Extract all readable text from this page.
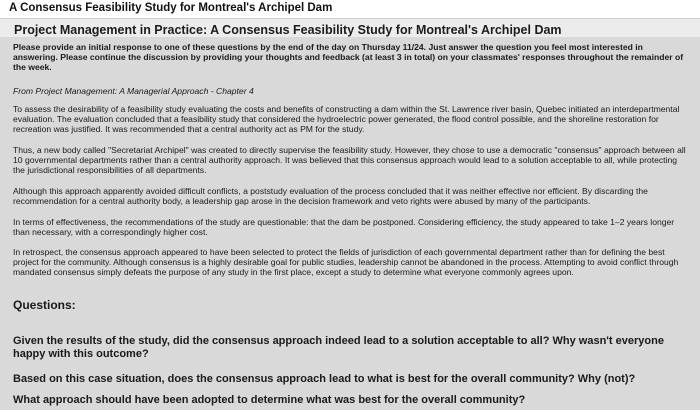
A Consensus Feasibility Study for Montreal's Archipel Dam
Project Management in Practice: A Consensus Feasibility Study for Montreal's Archipel Dam

Please provide an initial response to one of these questions by the end of the day on Thursday 11/24. Just answer the question you feel most interested in answering. Please continue the discussion by providing your thoughts and feedback (at least 3 in total) on your classmates' responses throughout the remainder of the week.

From Project Management: A Managerial Approach - Chapter 4

To assess the desirability of a feasibility study evaluating the costs and benefits of constructing a dam within the St. Lawrence river basin, Quebec initiated an interdepartmental evaluation. The evaluation concluded that a feasibility study that considered the hydroelectric power generated, the flood control possible, and the shoreline restoration for recreation was justified. It was recommended that a central authority act as PM for the study.

Thus, a new body called "Secretariat Archipel" was created to directly supervise the feasibility study. However, they chose to use a democratic "consensus" approach between all 10 governmental departments rather than a central authority approach. It was believed that this consensus approach would lead to a solution acceptable to all, while protecting the jurisdictional responsibilities of all departments.

Although this approach apparently avoided difficult conflicts, a poststudy evaluation of the process concluded that it was neither effective nor efficient. By discarding the recommendation for a central authority body, a leadership gap arose in the decision framework and veto rights were abused by many of the participants.

In terms of effectiveness, the recommendations of the study are questionable: that the dam be postponed. Considering efficiency, the study appeared to take 1–2 years longer than necessary, with a correspondingly higher cost.

In retrospect, the consensus approach appeared to have been selected to protect the fields of jurisdiction of each governmental department rather than for defining the best project for the community. Although consensus is a highly desirable goal for public studies, leadership cannot be abandoned in the process. Attempting to avoid conflict through mandated consensus simply defeats the purpose of any study in the first place, except a study to determine what everyone commonly agrees upon.

Questions:

Given the results of the study, did the consensus approach indeed lead to a solution acceptable to all? Why wasn't everyone happy with this outcome?

Based on this case situation, does the consensus approach lead to what is best for the overall community? Why (not)?

What approach should have been adopted to determine what was best for the overall community?
